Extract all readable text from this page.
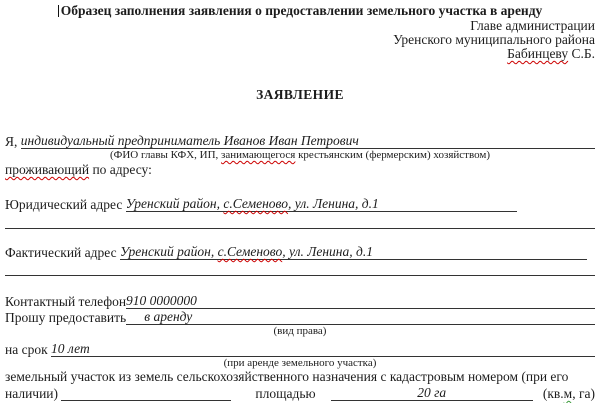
Образец заполнения заявления о предоставлении земельного участка в аренду
Главе администрации
Уренского муниципального района
Бабинцеву С.Б.
ЗАЯВЛЕНИЕ
Я,
индивидуальный предприниматель Иванов Иван Петрович
(ФИО главы КФХ, ИП, занимающегося крестьянским (фермерским) хозяйством)
проживающий по адресу:
Юридический адрес
Уренский район, с.Семеново, ул. Ленина, д.1
Фактический адрес
Уренский район, с.Семеново, ул. Ленина, д.1
Контактный телефон 910 0000000
Прошу предоставить	в аренду
(вид права)
на срок
10 лет
(при аренде земельного участка)
земельный участок из земель сельскохозяйственного назначения с кадастровым номером (при его
наличии)
	площадью	20 га	(кв.м, га)
